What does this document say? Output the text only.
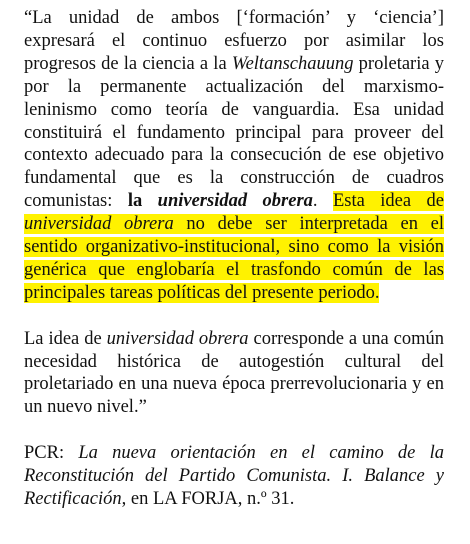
“La unidad de ambos [‘formación’ y ‘ciencia’] expresará el continuo esfuerzo por asimilar los progresos de la ciencia a la Weltanschauung proletaria y por la permanente actualización del marxismo-leninismo como teoría de vanguardia. Esa unidad constituirá el fundamento principal para proveer del contexto adecuado para la consecución de ese objetivo fundamental que es la construcción de cuadros comunistas: la universidad obrera. Esta idea de universidad obrera no debe ser interpretada en el sentido organizativo-institucional, sino como la visión genérica que englobaría el trasfondo común de las principales tareas políticas del presente periodo.

La idea de universidad obrera corresponde a una común necesidad histórica de autogestión cultural del proletariado en una nueva época prerrevolucionaria y en un nuevo nivel.”

PCR: La nueva orientación en el camino de la Reconstitución del Partido Comunista. I. Balance y Rectificación, en LA FORJA, n.º 31.
